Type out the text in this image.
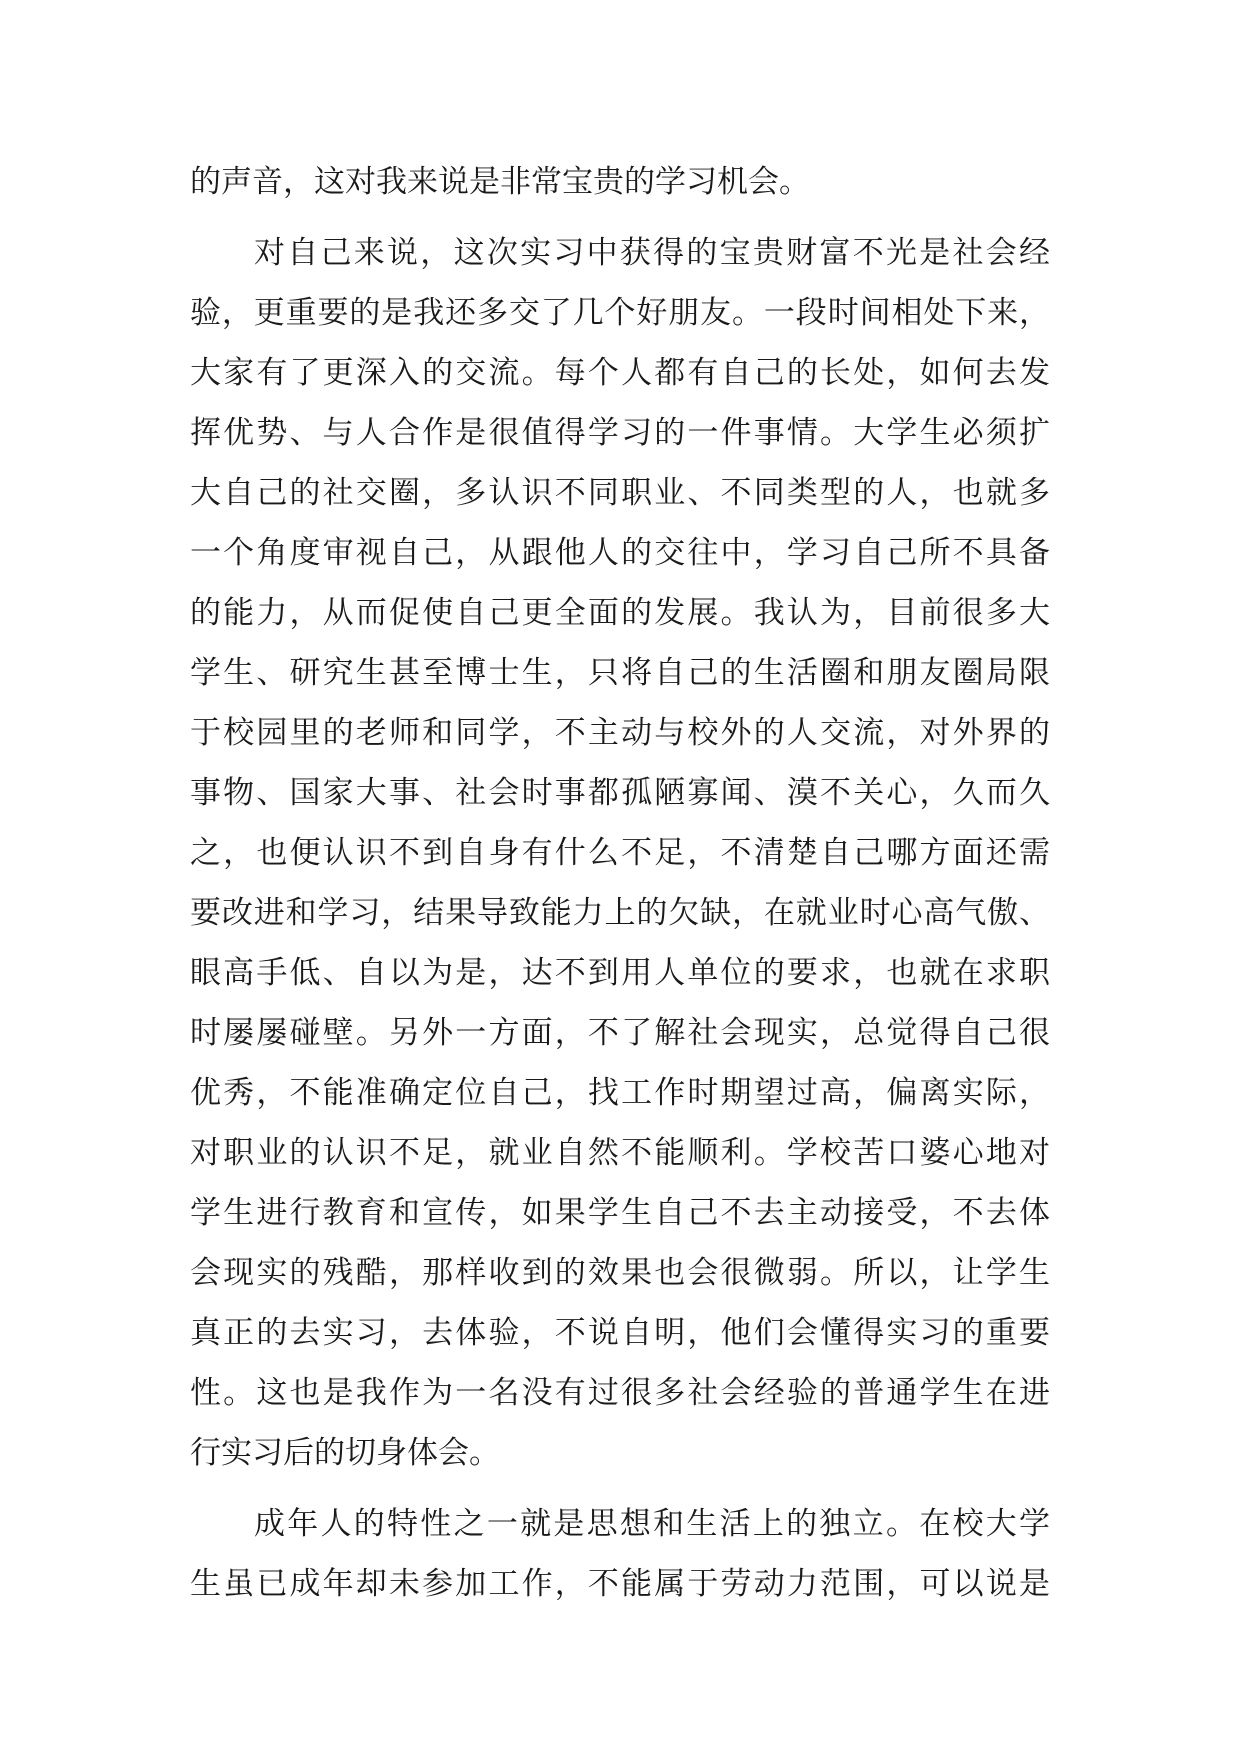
的声音，这对我来说是非常宝贵的学习机会。
对自己来说，这次实习中获得的宝贵财富不光是社会经
验，更重要的是我还多交了几个好朋友。一段时间相处下来，
大家有了更深入的交流。每个人都有自己的长处，如何去发
挥优势、与人合作是很值得学习的一件事情。大学生必须扩
大自己的社交圈，多认识不同职业、不同类型的人，也就多
一个角度审视自己，从跟他人的交往中，学习自己所不具备
的能力，从而促使自己更全面的发展。我认为，目前很多大
学生、研究生甚至博士生，只将自己的生活圈和朋友圈局限
于校园里的老师和同学，不主动与校外的人交流，对外界的
事物、国家大事、社会时事都孤陋寡闻、漠不关心，久而久
之，也便认识不到自身有什么不足，不清楚自己哪方面还需
要改进和学习，结果导致能力上的欠缺，在就业时心高气傲、
眼高手低、自以为是，达不到用人单位的要求，也就在求职
时屡屡碰壁。另外一方面，不了解社会现实，总觉得自己很
优秀，不能准确定位自己，找工作时期望过高，偏离实际，
对职业的认识不足，就业自然不能顺利。学校苦口婆心地对
学生进行教育和宣传，如果学生自己不去主动接受，不去体
会现实的残酷，那样收到的效果也会很微弱。所以，让学生
真正的去实习，去体验，不说自明，他们会懂得实习的重要
性。这也是我作为一名没有过很多社会经验的普通学生在进
行实习后的切身体会。
成年人的特性之一就是思想和生活上的独立。在校大学
生虽已成年却未参加工作，不能属于劳动力范围，可以说是
